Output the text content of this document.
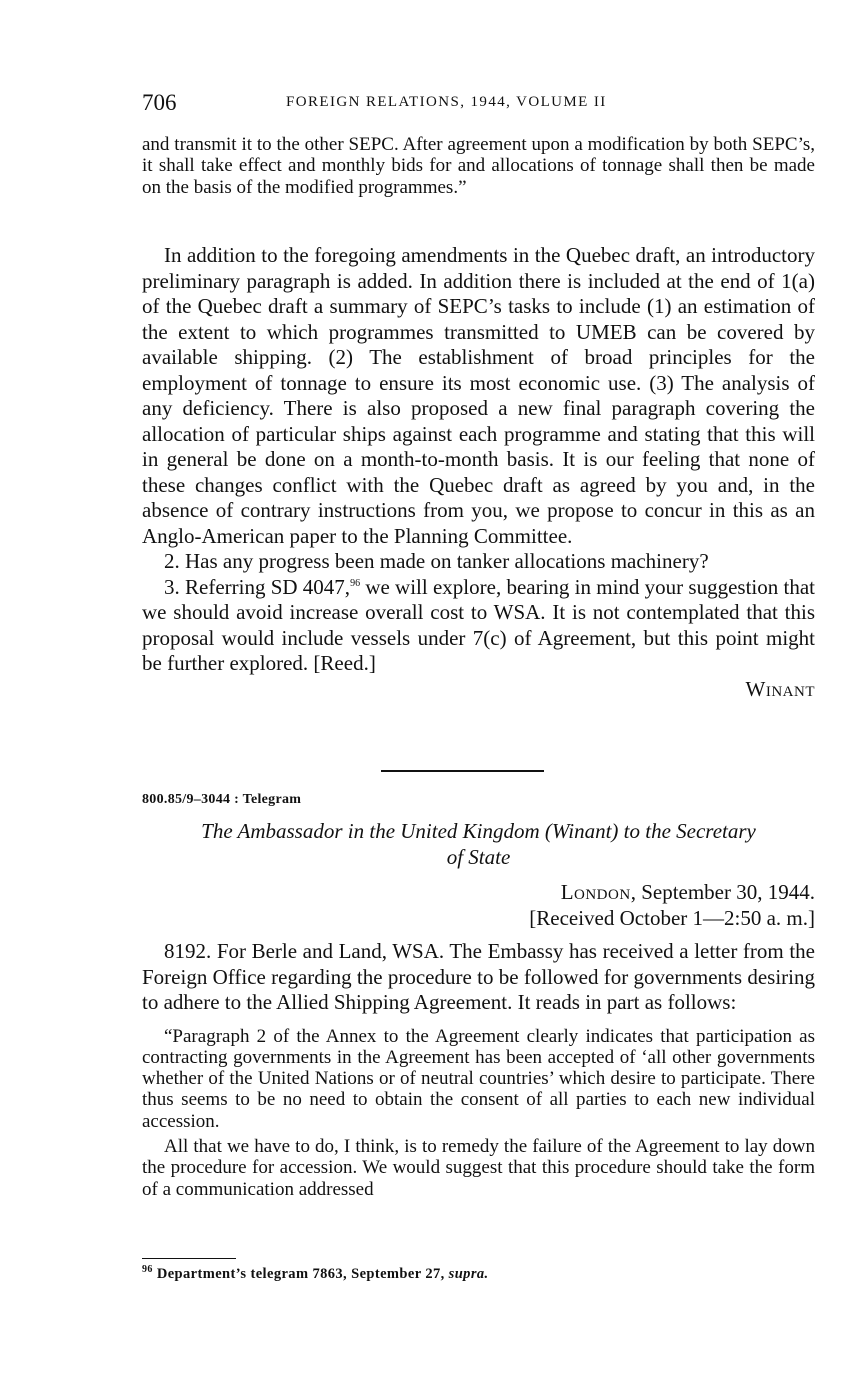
706	FOREIGN RELATIONS, 1944, VOLUME II

and transmit it to the other SEPC. After agreement upon a modification by both SEPC’s, it shall take effect and monthly bids for and allocations of tonnage shall then be made on the basis of the modified programmes.”

In addition to the foregoing amendments in the Quebec draft, an introductory preliminary paragraph is added. In addition there is included at the end of 1(a) of the Quebec draft a summary of SEPC’s tasks to include (1) an estimation of the extent to which programmes transmitted to UMEB can be covered by available shipping. (2) The establishment of broad principles for the employment of tonnage to ensure its most economic use. (3) The analysis of any deficiency. There is also proposed a new final paragraph covering the allocation of particular ships against each programme and stating that this will in general be done on a month-to-month basis. It is our feeling that none of these changes conflict with the Quebec draft as agreed by you and, in the absence of contrary instructions from you, we propose to concur in this as an Anglo-American paper to the Planning Committee.

2. Has any progress been made on tanker allocations machinery?

3. Referring SD 4047,96 we will explore, bearing in mind your suggestion that we should avoid increase overall cost to WSA. It is not contemplated that this proposal would include vessels under 7(c) of Agreement, but this point might be further explored. [Reed.]

Winant

800.85/9–3044 : Telegram
The Ambassador in the United Kingdom (Winant) to the Secretary
of State
London, September 30, 1944.
[Received October 1—2:50 a. m.]

8192. For Berle and Land, WSA. The Embassy has received a letter from the Foreign Office regarding the procedure to be followed for governments desiring to adhere to the Allied Shipping Agreement. It reads in part as follows:

“Paragraph 2 of the Annex to the Agreement clearly indicates that participation as contracting governments in the Agreement has been accepted of ‘all other governments whether of the United Nations or of neutral countries’ which desire to participate. There thus seems to be no need to obtain the consent of all parties to each new individual accession.

All that we have to do, I think, is to remedy the failure of the Agreement to lay down the procedure for accession. We would suggest that this procedure should take the form of a communication addressed

$^{96}$ Department’s telegram 7863, September 27, supra.
